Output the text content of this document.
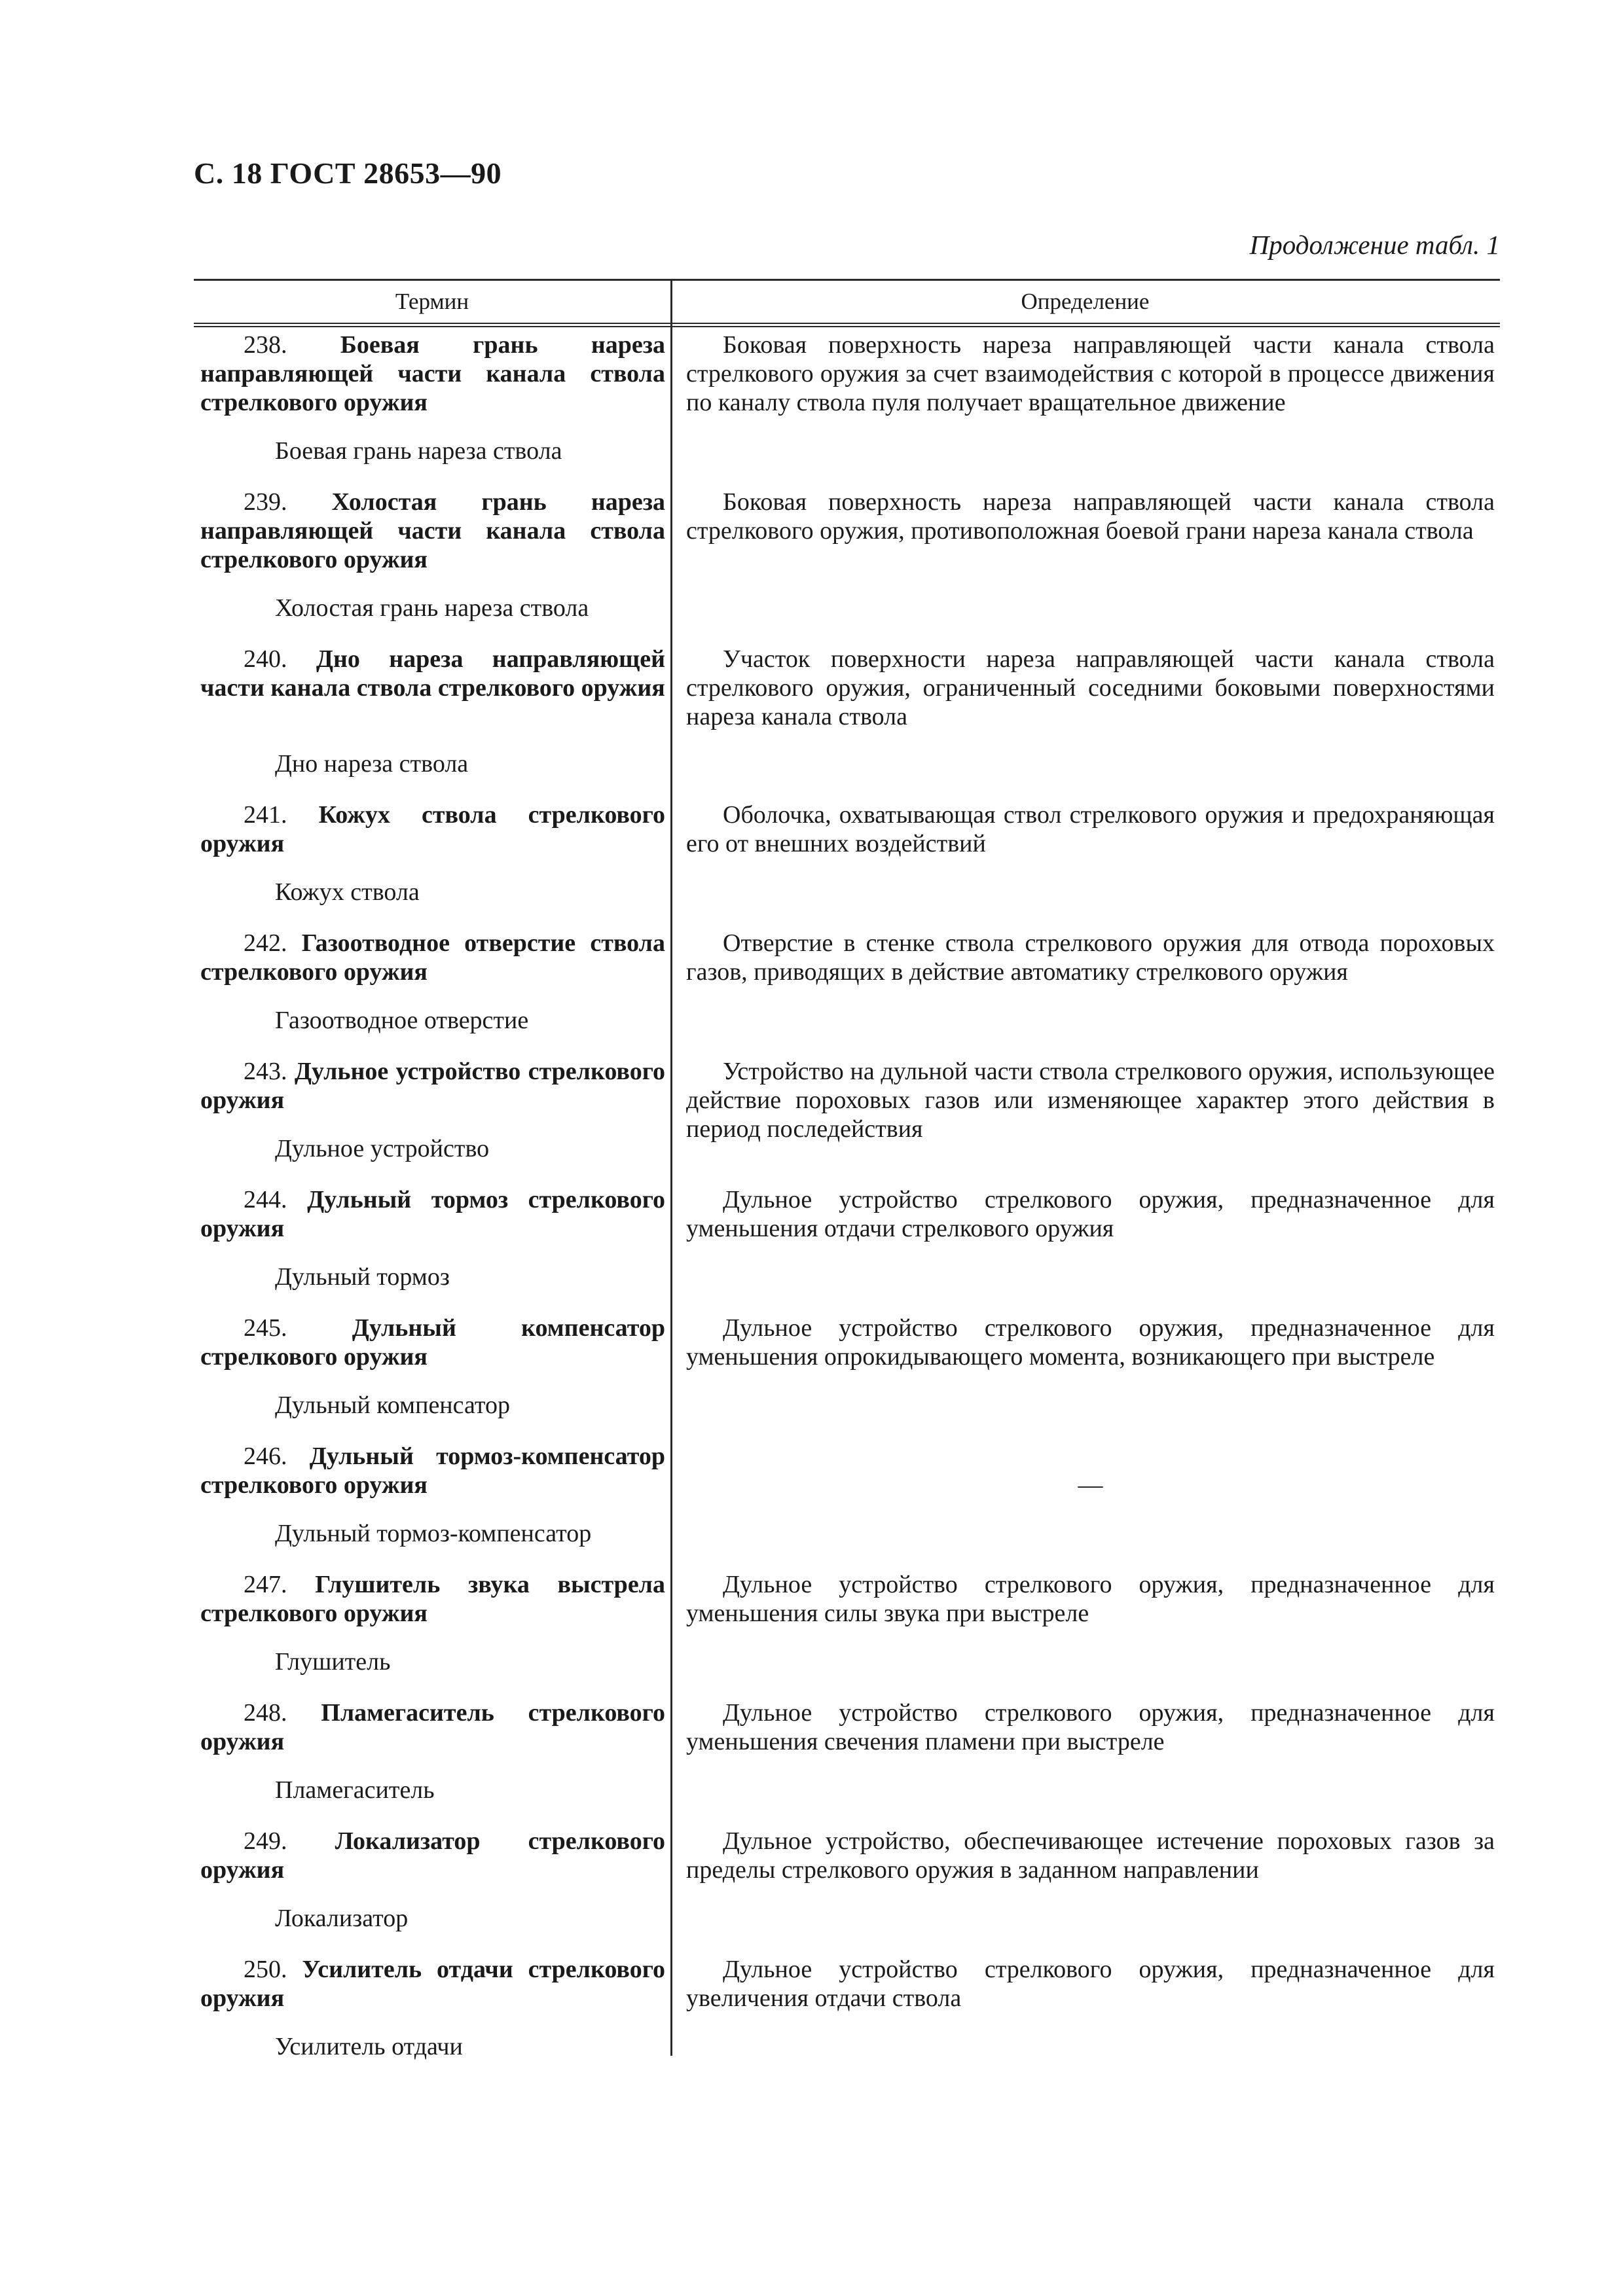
С. 18 ГОСТ 28653—90
Продолжение табл. 1
Термин	Определение
238. Боевая грань нареза направляющей части канала ствола стрелкового оружия
Боевая грань нареза ствола
Боковая поверхность нареза направляющей части канала ствола стрелкового оружия за счет взаимодействия с которой в процессе движения по каналу ствола пуля получает вращательное движение
239. Холостая грань нареза направляющей части канала ствола стрелкового оружия
Холостая грань нареза ствола
Боковая поверхность нареза направляющей части канала ствола стрелкового оружия, противоположная боевой грани нареза канала ствола
240. Дно нареза направляющей части канала ствола стрелкового оружия
Дно нареза ствола
Участок поверхности нареза направляющей части канала ствола стрелкового оружия, ограниченный соседними боковыми поверхностями нареза канала ствола
241. Кожух ствола стрелкового оружия
Кожух ствола
Оболочка, охватывающая ствол стрелкового оружия и предохраняющая его от внешних воздействий
242. Газоотводное отверстие ствола стрелкового оружия
Газоотводное отверстие
Отверстие в стенке ствола стрелкового оружия для отвода пороховых газов, приводящих в действие автоматику стрелкового оружия
243. Дульное устройство стрелкового оружия
Дульное устройство
Устройство на дульной части ствола стрелкового оружия, использующее действие пороховых газов или изменяющее характер этого действия в период последействия
244. Дульный тормоз стрелкового оружия
Дульный тормоз
Дульное устройство стрелкового оружия, предназначенное для уменьшения отдачи стрелкового оружия
245.	Дульный компенсатор стрелкового оружия
Дульный компенсатор
Дульное устройство стрелкового оружия, предназначенное для уменьшения опрокидывающего момента, возникающего при выстреле
246. Дульный тормоз-компенсатор стрелкового оружия
Дульный тормоз-компенсатор
—
247. Глушитель звука выстрела стрелкового оружия
Глушитель
Дульное устройство стрелкового оружия, предназначенное для уменьшения силы звука при выстреле
248. Пламегаситель стрелкового оружия
Пламегаситель
Дульное устройство стрелкового оружия, предназначенное для уменьшения свечения пламени при выстреле
249. Локализатор стрелкового оружия
Локализатор
Дульное устройство, обеспечивающее истечение пороховых газов за пределы стрелкового оружия в заданном направлении
250. Усилитель отдачи стрелкового оружия
Усилитель отдачи
Дульное устройство стрелкового оружия, предназначенное для увеличения отдачи ствола
